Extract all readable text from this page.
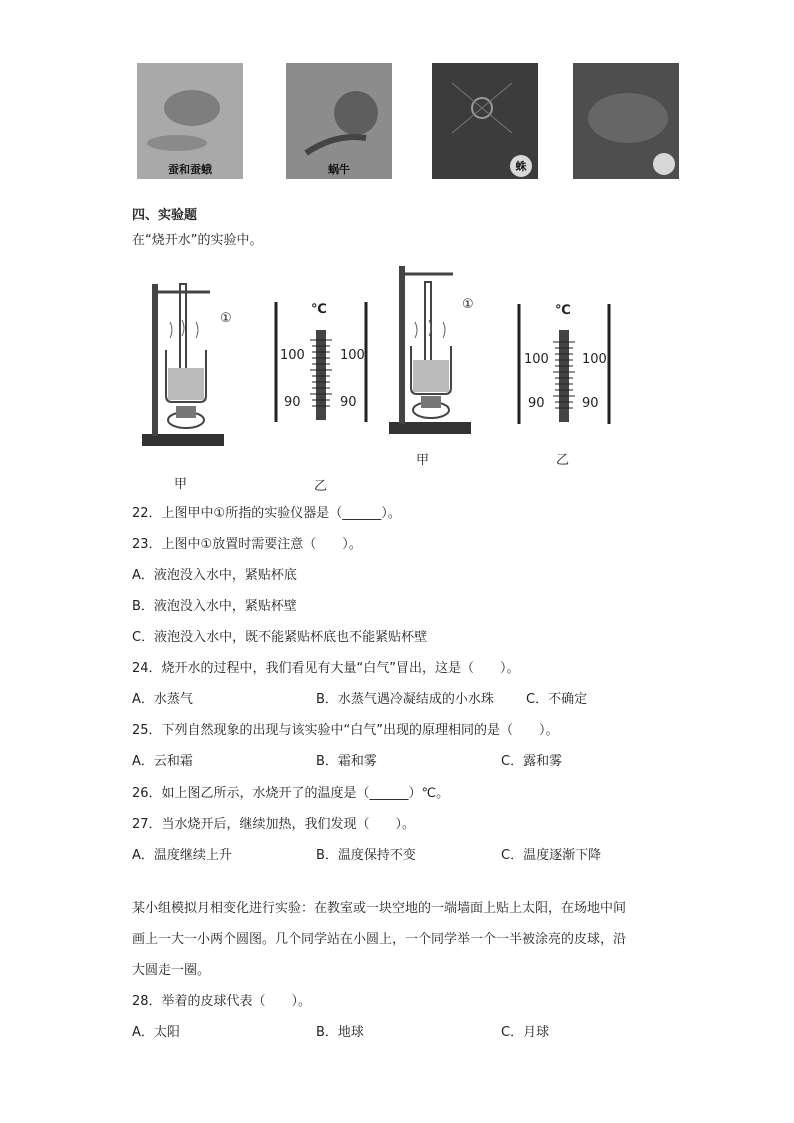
蚕和蚕蛾	蜗牛	蛛
四、实验题
在“烧开水”的实验中。
①
℃
100	100
90	90
甲	乙
①	℃
100	100
90	90
甲	乙
22．上图甲中①所指的实验仪器是（______）。
23．上图中①放置时需要注意（　　）。
A．液泡没入水中，紧贴杯底
B．液泡没入水中，紧贴杯壁
C．液泡没入水中，既不能紧贴杯底也不能紧贴杯壁
24．烧开水的过程中，我们看见有大量“白气”冒出，这是（　　）。
A．水蒸气	B．水蒸气遇冷凝结成的小水珠 C．不确定
25．下列自然现象的出现与该实验中“白气”出现的原理相同的是（　　）。
A．云和霜	B．霜和雾	C．露和雾
26．如上图乙所示，水烧开了的温度是（______）℃。
27．当水烧开后，继续加热，我们发现（　　）。
A．温度继续上升	B．温度保持不变	C．温度逐渐下降
某小组模拟月相变化进行实验：在教室或一块空地的一端墙面上贴上太阳，在场地中间
画上一大一小两个圆图。几个同学站在小圆上，一个同学举一个一半被涂亮的皮球，沿
大圆走一圈。
28．举着的皮球代表（　　）。
A．太阳	B．地球	C．月球
